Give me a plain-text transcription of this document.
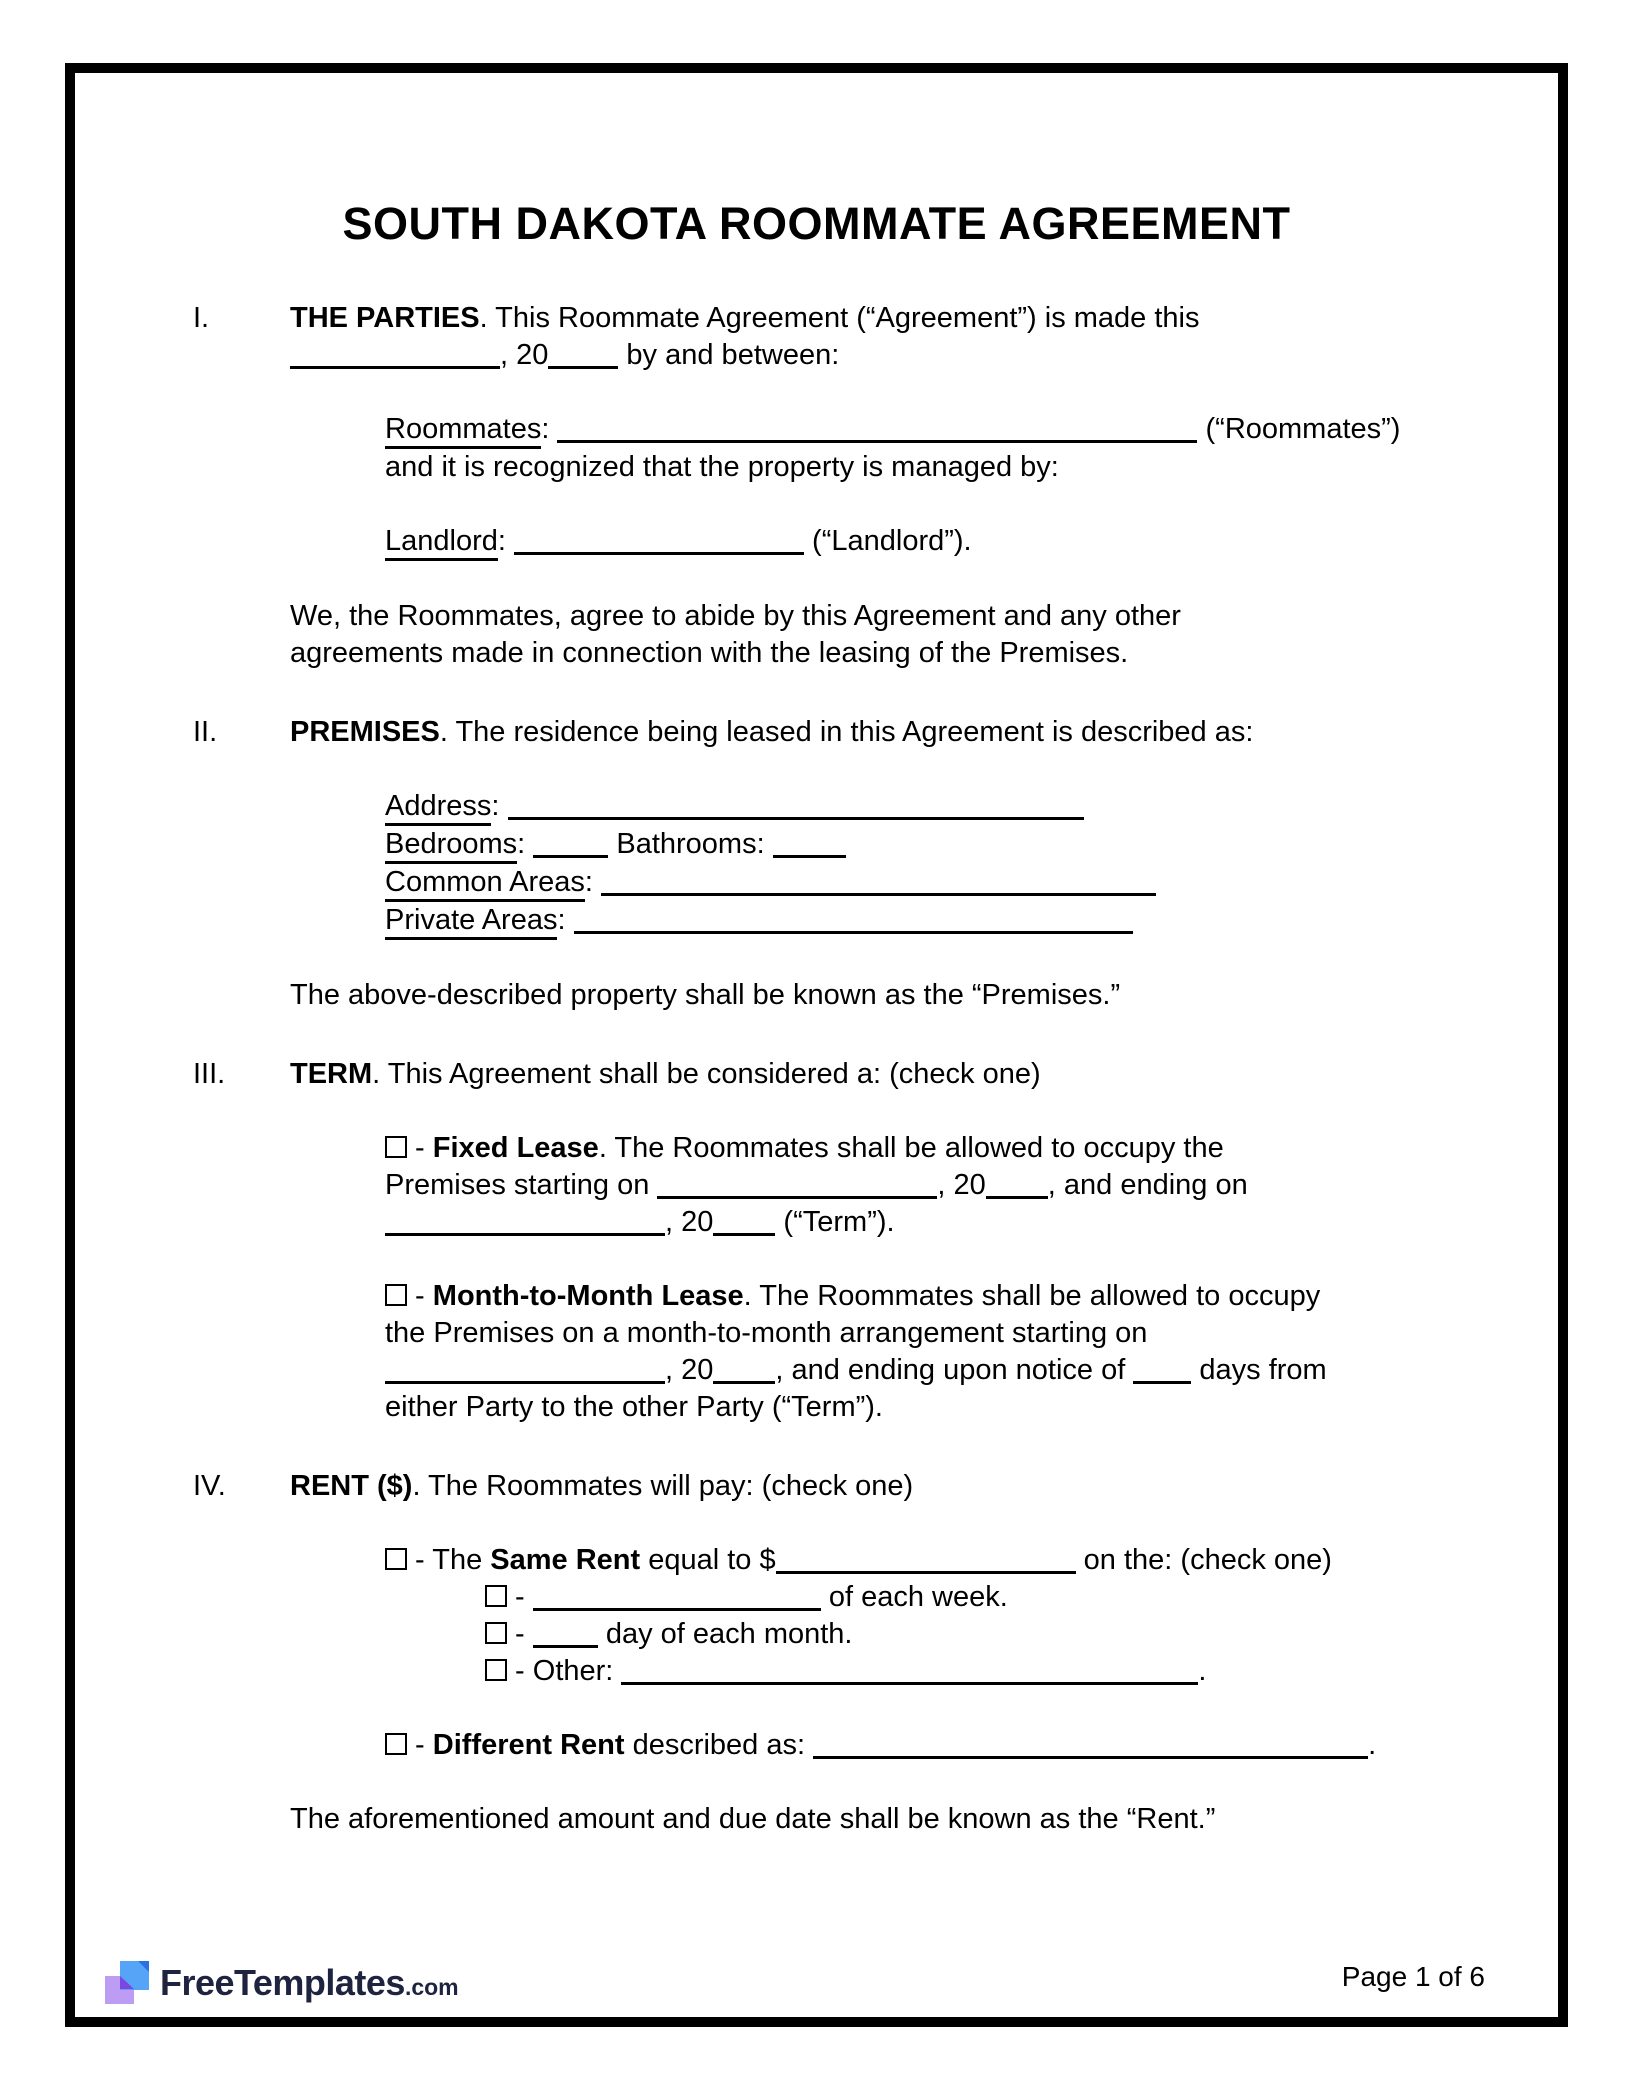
SOUTH DAKOTA ROOMMATE AGREEMENT
I.	THE PARTIES. This Roommate Agreement (“Agreement”) is made this
, 20 by and between:
Roommates:	(“Roommates”)
and it is recognized that the property is managed by:
Landlord:	(“Landlord”).
We, the Roommates, agree to abide by this Agreement and any other
agreements made in connection with the leasing of the Premises.
II.	PREMISES. The residence being leased in this Agreement is described as:
Address:
Bedrooms:	Bathrooms:
Common Areas:
Private Areas:
The above-described property shall be known as the “Premises.”
III.	TERM. This Agreement shall be considered a: (check one)
- Fixed Lease. The Roommates shall be allowed to occupy the
Premises starting on	, 20 , and ending on
, 20 (“Term”).
- Month-to-Month Lease. The Roommates shall be allowed to occupy
the Premises on a month-to-month arrangement starting on
, 20 , and ending upon notice of  days from
either Party to the other Party (“Term”).
IV.	RENT ($). The Roommates will pay: (check one)
- The Same Rent equal to $	on the: (check one)
-	of each week.
-  day of each month.
- Other:	.
- Different Rent described as:	.
The aforementioned amount and due date shall be known as the “Rent.”
FreeTemplates.com	Page 1 of 6
